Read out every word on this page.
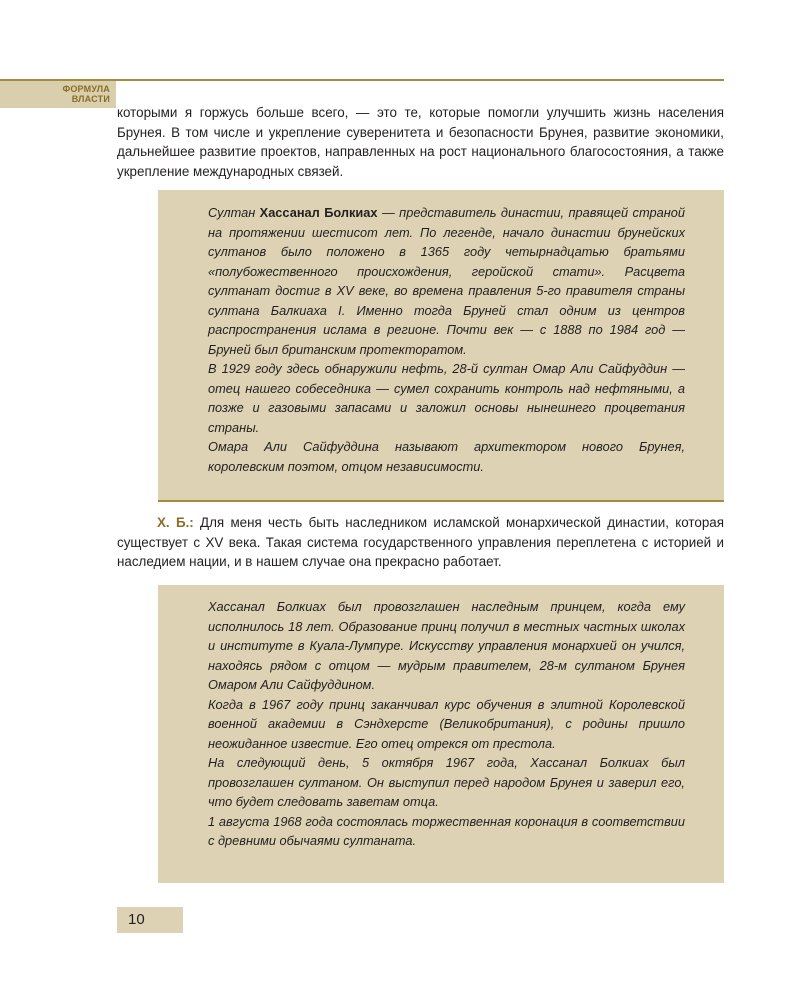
ФОРМУЛА
ВЛАСТИ

которыми я горжусь больше всего, — это те, которые помогли улучшить жизнь населения Брунея. В том числе и укрепление суверенитета и безопасности Брунея, развитие экономики, дальнейшее развитие проектов, направленных на рост национального благосостояния, а также укрепление международных связей.

Султан Хассанал Болкиах — представитель династии, правящей страной на протяжении шестисот лет. По легенде, начало династии брунейских султанов было положено в 1365 году четырнадцатью братьями «полубожественного происхождения, геройской стати». Расцвета султанат достиг в XV веке, во времена правления 5-го правителя страны султана Балкиаха I. Именно тогда Бруней стал одним из центров распространения ислама в регионе. Почти век — с 1888 по 1984 год — Бруней был британским протекторатом.

В 1929 году здесь обнаружили нефть, 28-й султан Омар Али Сайфуддин — отец нашего собеседника — сумел сохранить контроль над нефтяными, а позже и газовыми запасами и заложил основы нынешнего процветания страны.

Омара Али Сайфуддина называют архитектором нового Брунея, королевским поэтом, отцом независимости.

Х. Б.: Для меня честь быть наследником исламской монархической династии, которая существует с XV века. Такая система государственного управления переплетена с историей и наследием нации, и в нашем случае она прекрасно работает.

Хассанал Болкиах был провозглашен наследным принцем, когда ему исполнилось 18 лет. Образование принц получил в местных частных школах и институте в Куала-Лумпуре. Искусству управления монархией он учился, находясь рядом с отцом — мудрым правителем, 28-м султаном Брунея Омаром Али Сайфуддином.

Когда в 1967 году принц заканчивал курс обучения в элитной Королевской военной академии в Сэндхерсте (Великобритания), с родины пришло неожиданное известие. Его отец отрекся от престола.

На следующий день, 5 октября 1967 года, Хассанал Болкиах был провозглашен султаном. Он выступил перед народом Брунея и заверил его, что будет следовать заветам отца.

1 августа 1968 года состоялась торжественная коронация в соответствии с древними обычаями султаната.

10
